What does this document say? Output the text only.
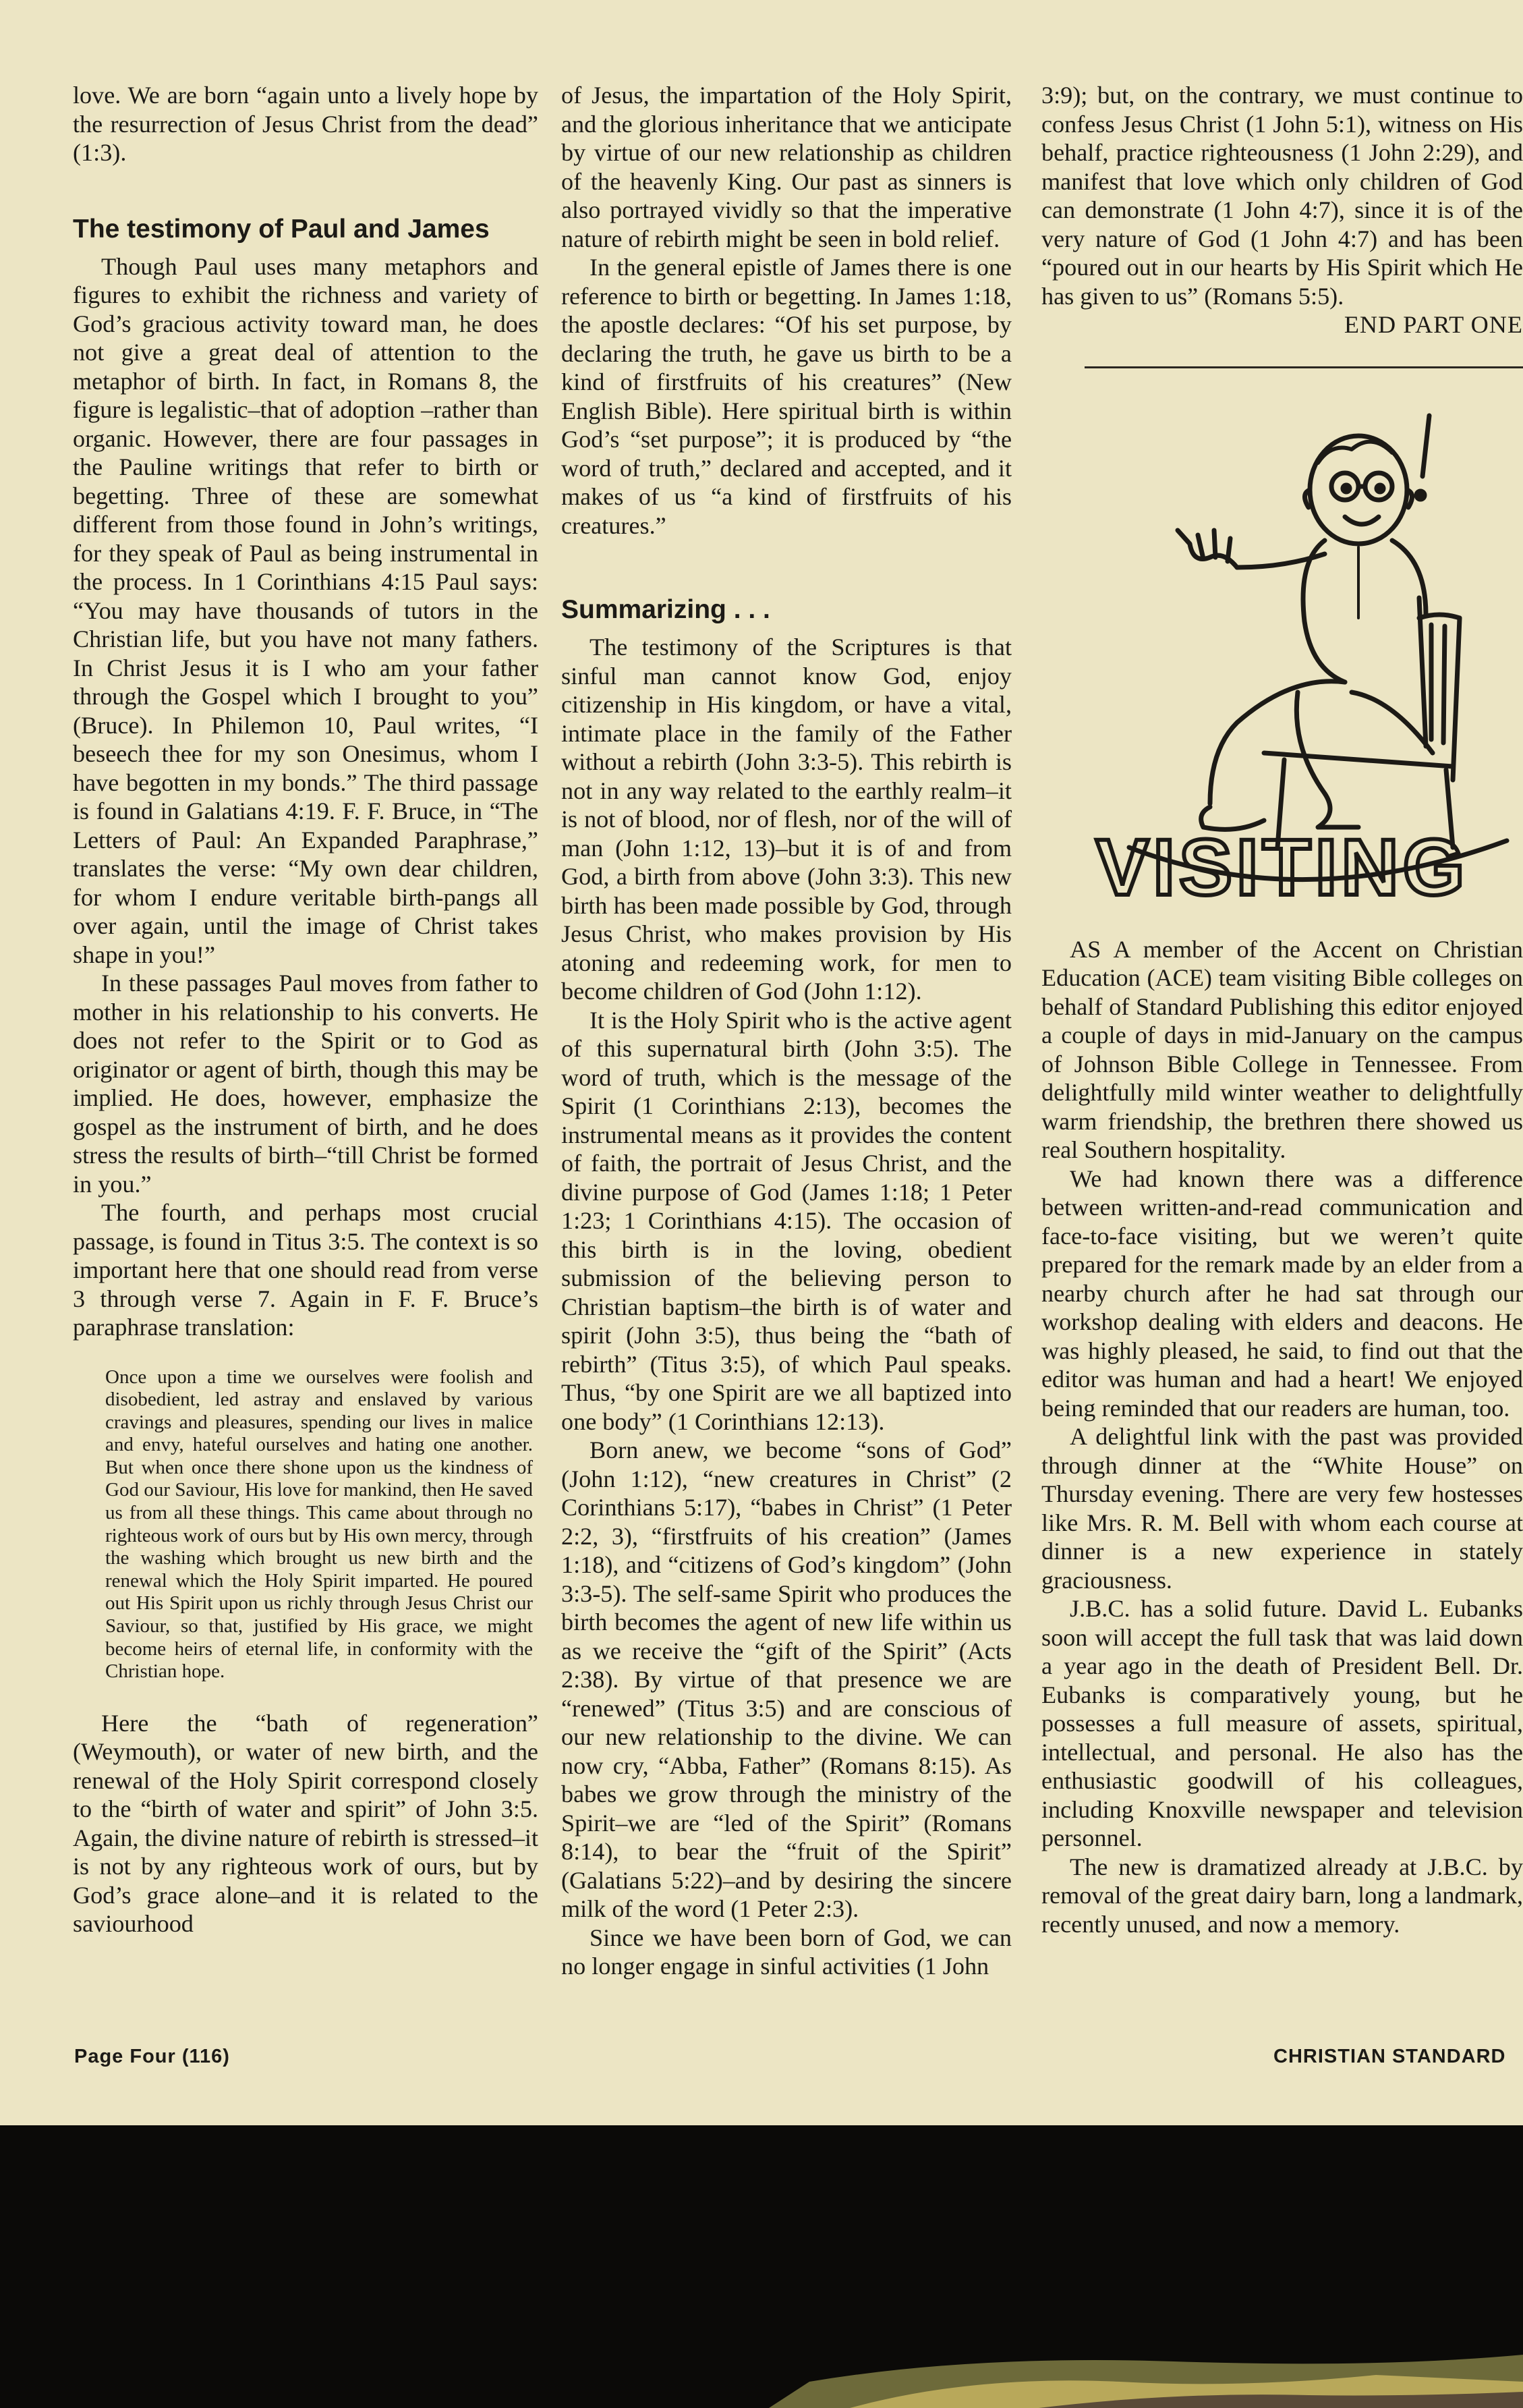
love. We are born “again unto a lively hope by the resurrection of Jesus Christ from the dead” (1:3).

The testimony of Paul and James

Though Paul uses many metaphors and figures to exhibit the richness and variety of God’s gracious activity toward man, he does not give a great deal of attention to the metaphor of birth. In fact, in Romans 8, the figure is legalistic–that of adoption –rather than organic. However, there are four passages in the Pauline writings that refer to birth or begetting. Three of these are somewhat different from those found in John’s writings, for they speak of Paul as being instrumental in the process. In 1 Corinthians 4:15 Paul says: “You may have thousands of tutors in the Christian life, but you have not many fathers. In Christ Jesus it is I who am your father through the Gospel which I brought to you” (Bruce). In Philemon 10, Paul writes, “I beseech thee for my son Onesimus, whom I have begotten in my bonds.” The third passage is found in Galatians 4:19. F. F. Bruce, in “The Letters of Paul: An Expanded Paraphrase,” translates the verse: “My own dear children, for whom I endure veritable birth-pangs all over again, until the image of Christ takes shape in you!”

In these passages Paul moves from father to mother in his relationship to his converts. He does not refer to the Spirit or to God as originator or agent of birth, though this may be implied. He does, however, emphasize the gospel as the instrument of birth, and he does stress the results of birth–“till Christ be formed in you.”

The fourth, and perhaps most crucial passage, is found in Titus 3:5. The context is so important here that one should read from verse 3 through verse 7. Again in F. F. Bruce’s paraphrase translation:

Once upon a time we ourselves were foolish and disobedient, led astray and enslaved by various cravings and pleasures, spending our lives in malice and envy, hateful ourselves and hating one another. But when once there shone upon us the kindness of God our Saviour, His love for mankind, then He saved us from all these things. This came about through no righteous work of ours but by His own mercy, through the washing which brought us new birth and the renewal which the Holy Spirit imparted. He poured out His Spirit upon us richly through Jesus Christ our Saviour, so that, justified by His grace, we might become heirs of eternal life, in conformity with the Christian hope.

Here the “bath of regeneration” (Weymouth), or water of new birth, and the renewal of the Holy Spirit correspond closely to the “birth of water and spirit” of John 3:5. Again, the divine nature of rebirth is stressed–it is not by any righteous work of ours, but by God’s grace alone–and it is related to the saviourhood

of Jesus, the impartation of the Holy Spirit, and the glorious inheritance that we anticipate by virtue of our new relationship as children of the heavenly King. Our past as sinners is also portrayed vividly so that the imperative nature of rebirth might be seen in bold relief.

In the general epistle of James there is one reference to birth or begetting. In James 1:18, the apostle declares: “Of his set purpose, by declaring the truth, he gave us birth to be a kind of firstfruits of his creatures” (New English Bible). Here spiritual birth is within God’s “set purpose”; it is produced by “the word of truth,” declared and accepted, and it makes of us “a kind of firstfruits of his creatures.”

Summarizing . . .

The testimony of the Scriptures is that sinful man cannot know God, enjoy citizenship in His kingdom, or have a vital, intimate place in the family of the Father without a rebirth (John 3:3-5). This rebirth is not in any way related to the earthly realm–it is not of blood, nor of flesh, nor of the will of man (John 1:12, 13)–but it is of and from God, a birth from above (John 3:3). This new birth has been made possible by God, through Jesus Christ, who makes provision by His atoning and redeeming work, for men to become children of God (John 1:12).

It is the Holy Spirit who is the active agent of this supernatural birth (John 3:5). The word of truth, which is the message of the Spirit (1 Corinthians 2:13), becomes the instrumental means as it provides the content of faith, the portrait of Jesus Christ, and the divine purpose of God (James 1:18; 1 Peter 1:23; 1 Corinthians 4:15). The occasion of this birth is in the loving, obedient submission of the believing person to Christian baptism–the birth is of water and spirit (John 3:5), thus being the “bath of rebirth” (Titus 3:5), of which Paul speaks. Thus, “by one Spirit are we all baptized into one body” (1 Corinthians 12:13).

Born anew, we become “sons of God” (John 1:12), “new creatures in Christ” (2 Corinthians 5:17), “babes in Christ” (1 Peter 2:2, 3), “firstfruits of his creation” (James 1:18), and “citizens of God’s kingdom” (John 3:3-5). The self-same Spirit who produces the birth becomes the agent of new life within us as we receive the “gift of the Spirit” (Acts 2:38). By virtue of that presence we are “renewed” (Titus 3:5) and are conscious of our new relationship to the divine. We can now cry, “Abba, Father” (Romans 8:15). As babes we grow through the ministry of the Spirit–we are “led of the Spirit” (Romans 8:14), to bear the “fruit of the Spirit” (Galatians 5:22)–and by desiring the sincere milk of the word (1 Peter 2:3).

Since we have been born of God, we can no longer engage in sinful activities (1 John

3:9); but, on the contrary, we must continue to confess Jesus Christ (1 John 5:1), witness on His behalf, practice righteousness (1 John 2:29), and manifest that love which only children of God can demonstrate (1 John 4:7), since it is of the very nature of God (1 John 4:7) and has been “poured out in our hearts by His Spirit which He has given to us” (Romans 5:5).

END PART ONE
VISITING

AS A member of the Accent on Christian Education (ACE) team visiting Bible colleges on behalf of Standard Publishing this editor enjoyed a couple of days in mid-January on the campus of Johnson Bible College in Tennessee. From delightfully mild winter weather to delightfully warm friendship, the brethren there showed us real Southern hospitality.

We had known there was a difference between written-and-read communication and face-to-face visiting, but we weren’t quite prepared for the remark made by an elder from a nearby church after he had sat through our workshop dealing with elders and deacons. He was highly pleased, he said, to find out that the editor was human and had a heart! We enjoyed being reminded that our readers are human, too.

A delightful link with the past was provided through dinner at the “White House” on Thursday evening. There are very few hostesses like Mrs. R. M. Bell with whom each course at dinner is a new experience in stately graciousness.

J.B.C. has a solid future. David L. Eubanks soon will accept the full task that was laid down a year ago in the death of President Bell. Dr. Eubanks is comparatively young, but he possesses a full measure of assets, spiritual, intellectual, and personal. He also has the enthusiastic goodwill of his colleagues, including Knoxville newspaper and television personnel.

The new is dramatized already at J.B.C. by removal of the great dairy barn, long a landmark, recently unused, and now a memory.

Page Four (116)	CHRISTIAN STANDARD
